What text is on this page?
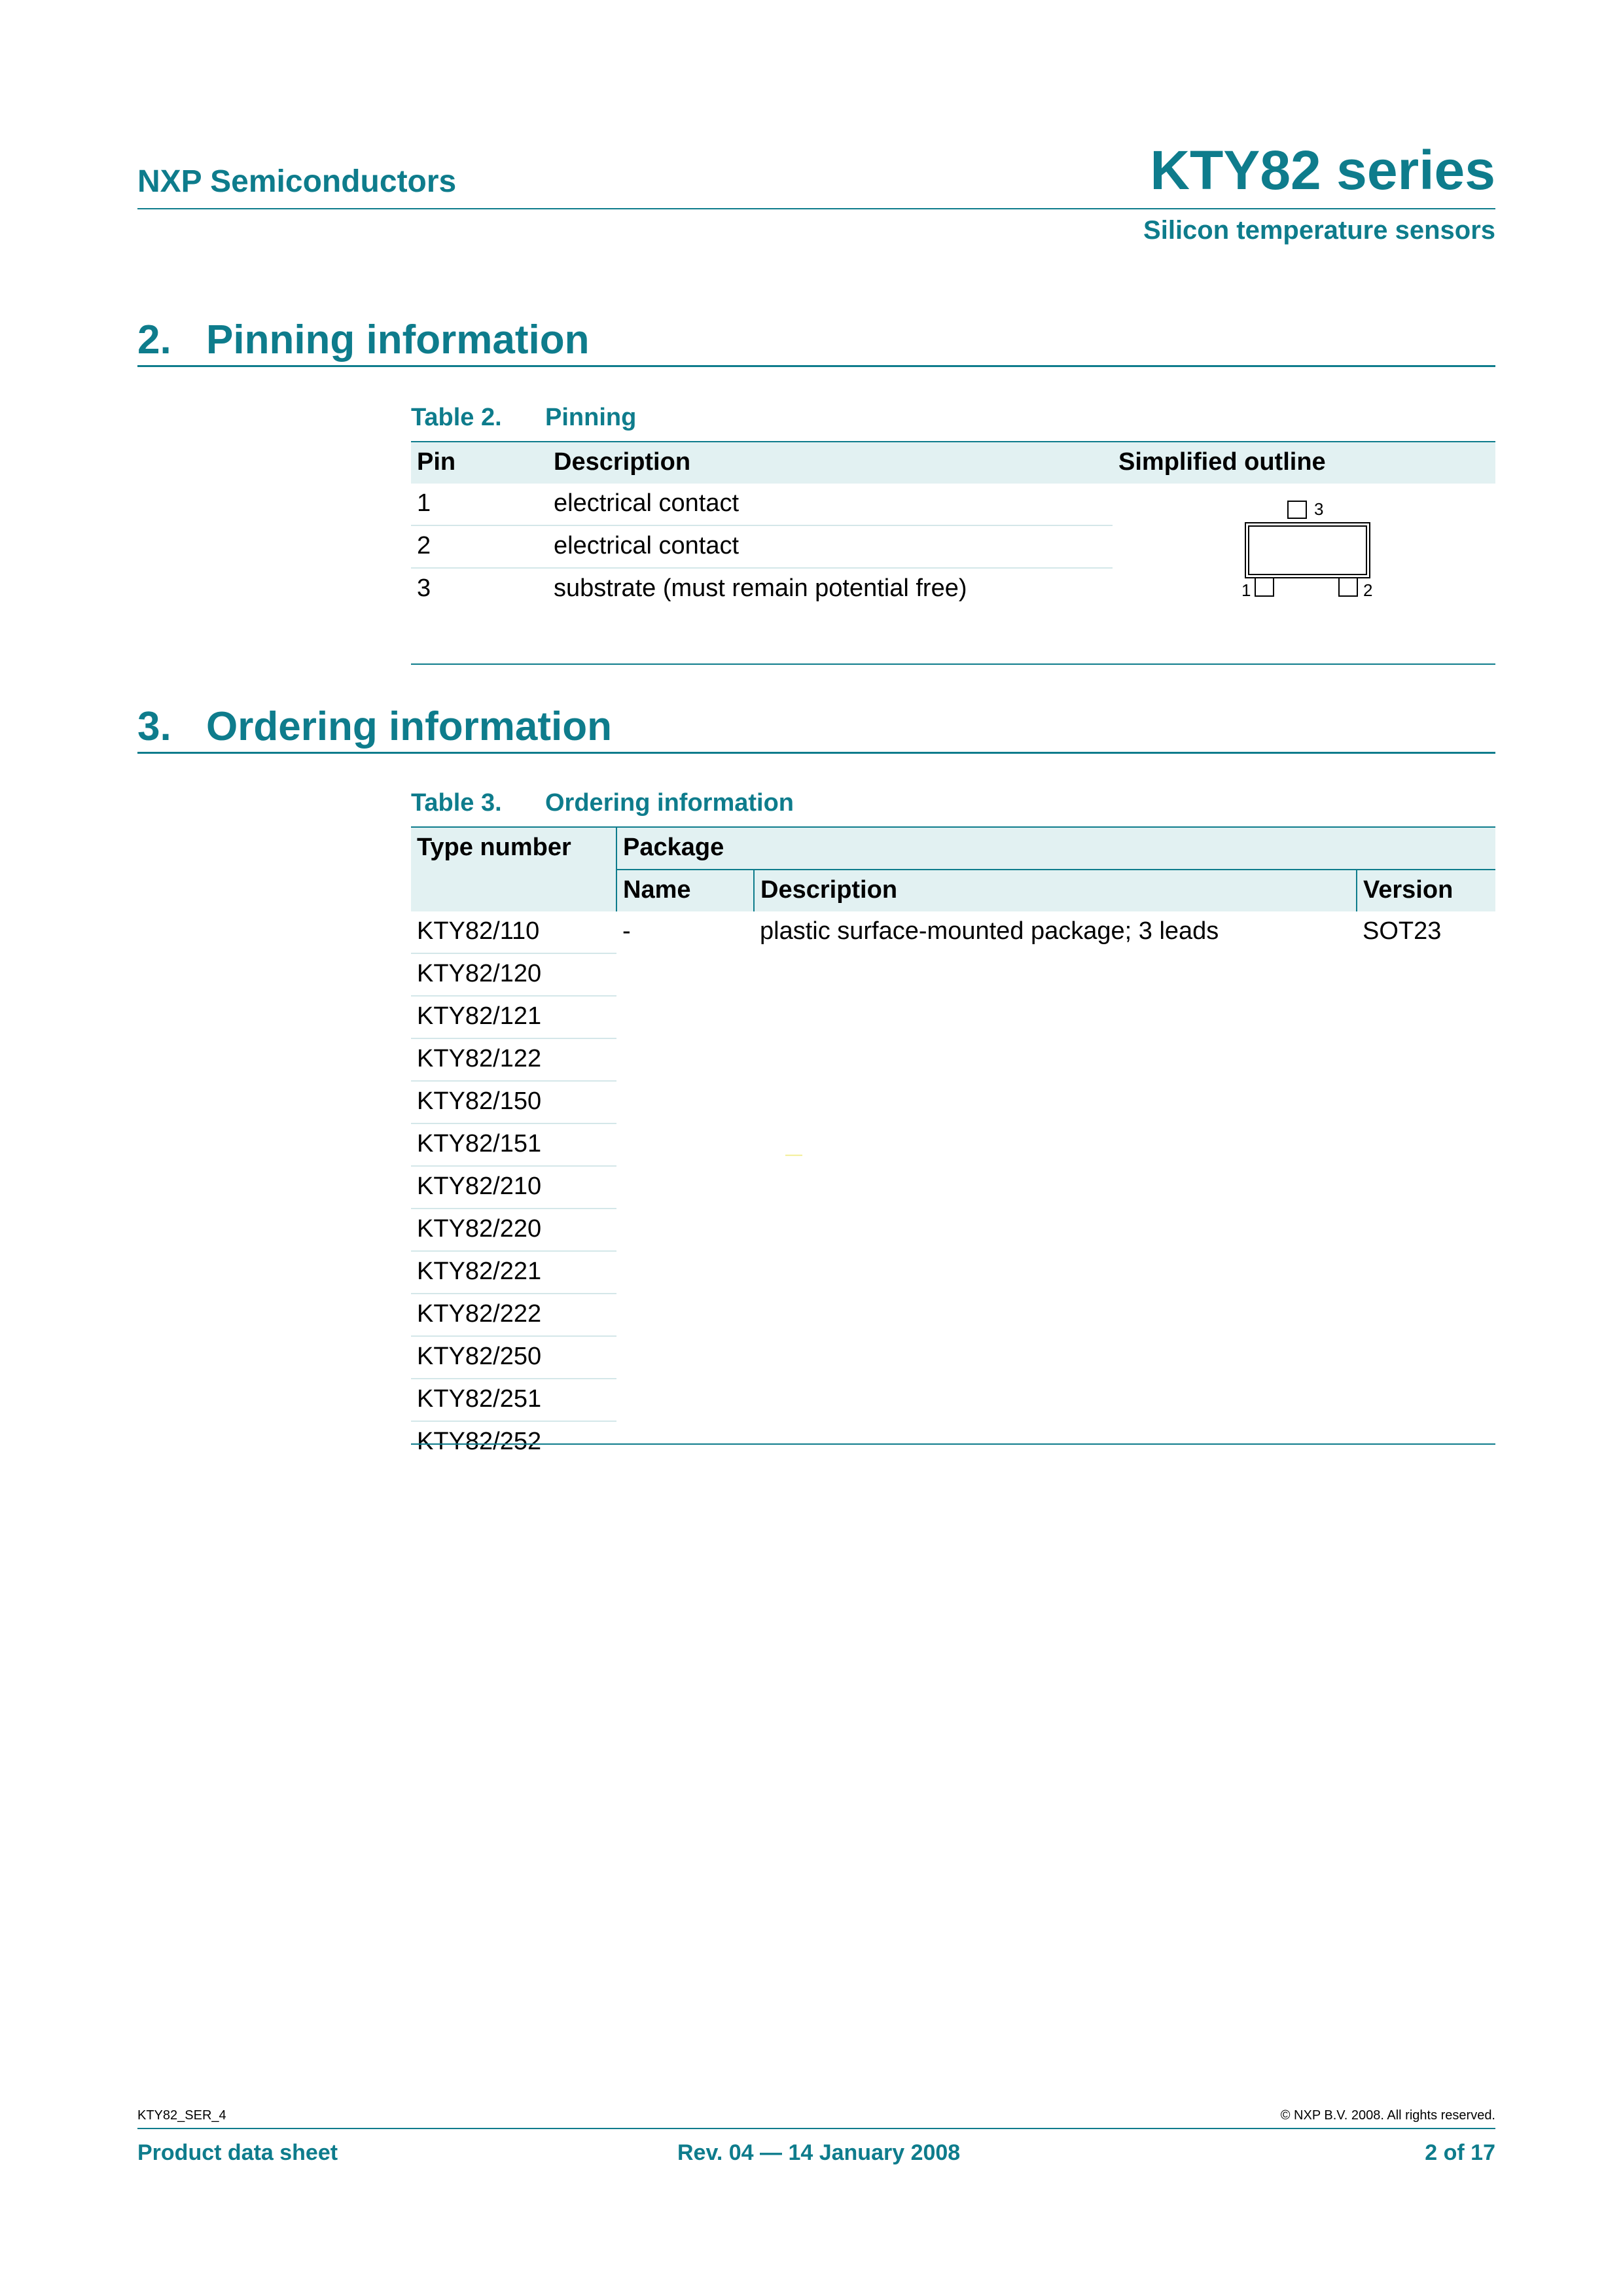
NXP Semiconductors	KTY82 series
Silicon temperature sensors
2. Pinning information
Table 2. Pinning
Pin	Description	Simplified outline
1	electrical contact	3
1 2

2	electrical contact	
3	substrate (must remain potential free)	
3. Ordering information
Table 3. Ordering information
Type number	Package		
	Name	Description	Version
KTY82/110	-	plastic surface-mounted package; 3 leads	SOT23
KTY82/120			
KTY82/121			
KTY82/122			
KTY82/150			
KTY82/151			
KTY82/210			
KTY82/220			
KTY82/221			
KTY82/222			
KTY82/250			
KTY82/251			
KTY82/252			
―
KTY82_SER_4	© NXP B.V. 2008. All rights reserved.
Product data sheet	Rev. 04 — 14 January 2008	2 of 17
